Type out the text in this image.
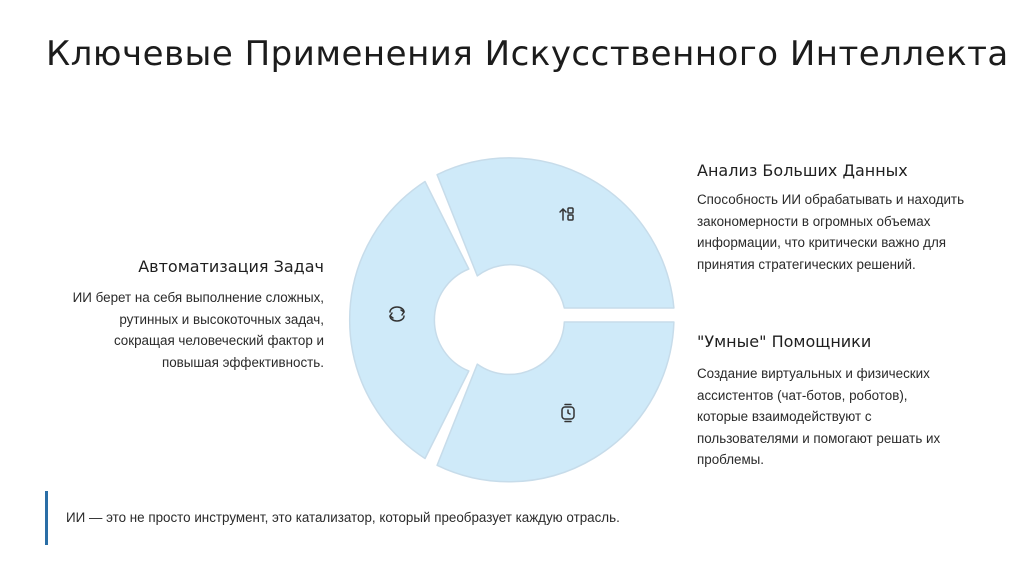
Ключевые Применения Искусственного Интеллекта
Автоматизация Задач
ИИ берет на себя выполнение сложных,
рутинных и высокоточных задач,
сокращая человеческий фактор и
повышая эффективность.
Анализ Больших Данных
Способность ИИ обрабатывать и находить
закономерности в огромных объемах
информации, что критически важно для
принятия стратегических решений.
"Умные" Помощники
Создание виртуальных и физических
ассистентов (чат-ботов, роботов),
которые взаимодействуют с
пользователями и помогают решать их
проблемы.
ИИ — это не просто инструмент, это катализатор, который преобразует каждую отрасль.
